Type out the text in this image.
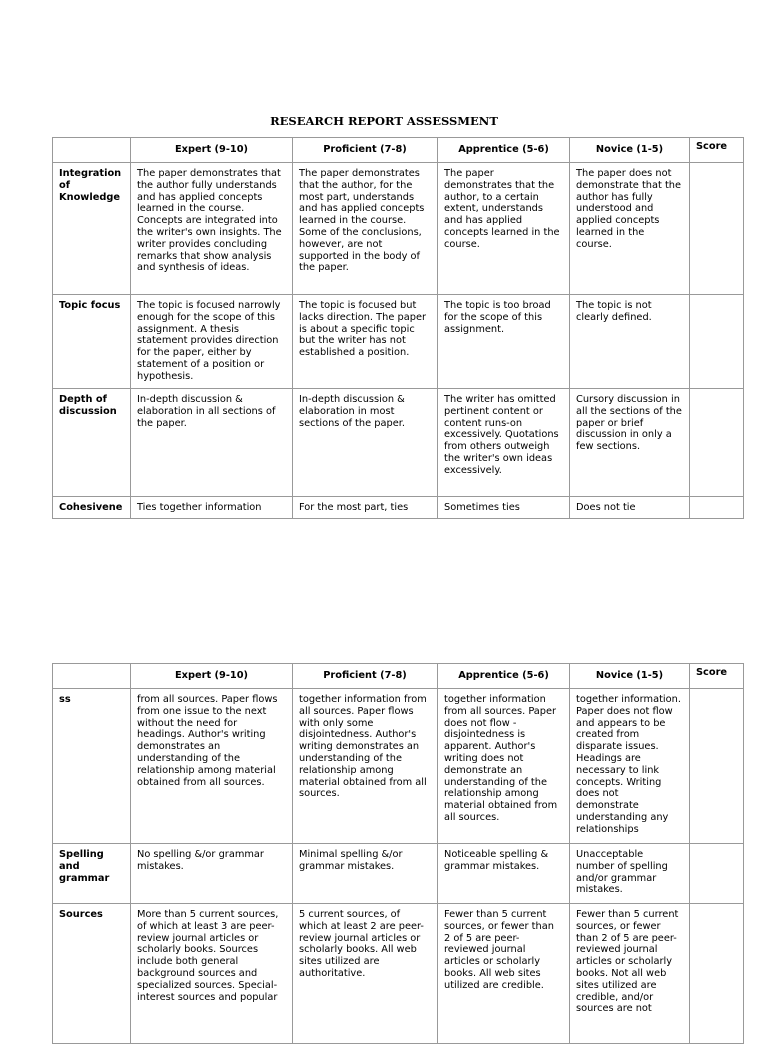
RESEARCH REPORT ASSESSMENT
	Expert (9-10)	Proficient (7-8)	Apprentice (5-6)	Novice (1-5)	Score
Integration of Knowledge	The paper demonstrates that the author fully understands and has applied concepts learned in the course. Concepts are integrated into the writer's own insights. The writer provides concluding remarks that show analysis and synthesis of ideas.	The paper demonstrates that the author, for the most part, understands and has applied concepts learned in the course. Some of the conclusions, however, are not supported in the body of the paper.	The paper demonstrates that the author, to a certain extent, understands and has applied concepts learned in the course.	The paper does not demonstrate that the author has fully understood and applied concepts learned in the course.	
Topic focus	The topic is focused narrowly enough for the scope of this assignment. A thesis statement provides direction for the paper, either by statement of a position or hypothesis.	The topic is focused but lacks direction. The paper is about a specific topic but the writer has not established a position.	The topic is too broad for the scope of this assignment.	The topic is not clearly defined.	
Depth of discussion	In-depth discussion & elaboration in all sections of the paper.	In-depth discussion & elaboration in most sections of the paper.	The writer has omitted pertinent content or content runs-on excessively. Quotations from others outweigh the writer's own ideas excessively.	Cursory discussion in all the sections of the paper or brief discussion in only a few sections.	
Cohesivene	Ties together information	For the most part, ties	Sometimes ties	Does not tie	
	Expert (9-10)	Proficient (7-8)	Apprentice (5-6)	Novice (1-5)	Score
ss	from all sources. Paper flows from one issue to the next without the need for headings. Author's writing demonstrates an understanding of the relationship among material obtained from all sources.	together information from all sources. Paper flows with only some disjointedness. Author's writing demonstrates an understanding of the relationship among material obtained from all sources.	together information from all sources. Paper does not flow - disjointedness is apparent. Author's writing does not demonstrate an understanding of the relationship among material obtained from all sources.	together information. Paper does not flow and appears to be created from disparate issues. Headings are necessary to link concepts. Writing does not demonstrate understanding any relationships	
Spelling and grammar	No spelling &/or grammar mistakes.	Minimal spelling &/or grammar mistakes.	Noticeable spelling & grammar mistakes.	Unacceptable number of spelling and/or grammar mistakes.	
Sources	More than 5 current sources, of which at least 3 are peer-review journal articles or scholarly books. Sources include both general background sources and specialized sources. Special-interest sources and popular	5 current sources, of which at least 2 are peer-review journal articles or scholarly books. All web sites utilized are authoritative.	Fewer than 5 current sources, or fewer than 2 of 5 are peer-reviewed journal articles or scholarly books. All web sites utilized are credible.	Fewer than 5 current sources, or fewer than 2 of 5 are peer-reviewed journal articles or scholarly books. Not all web sites utilized are credible, and/or sources are not	
